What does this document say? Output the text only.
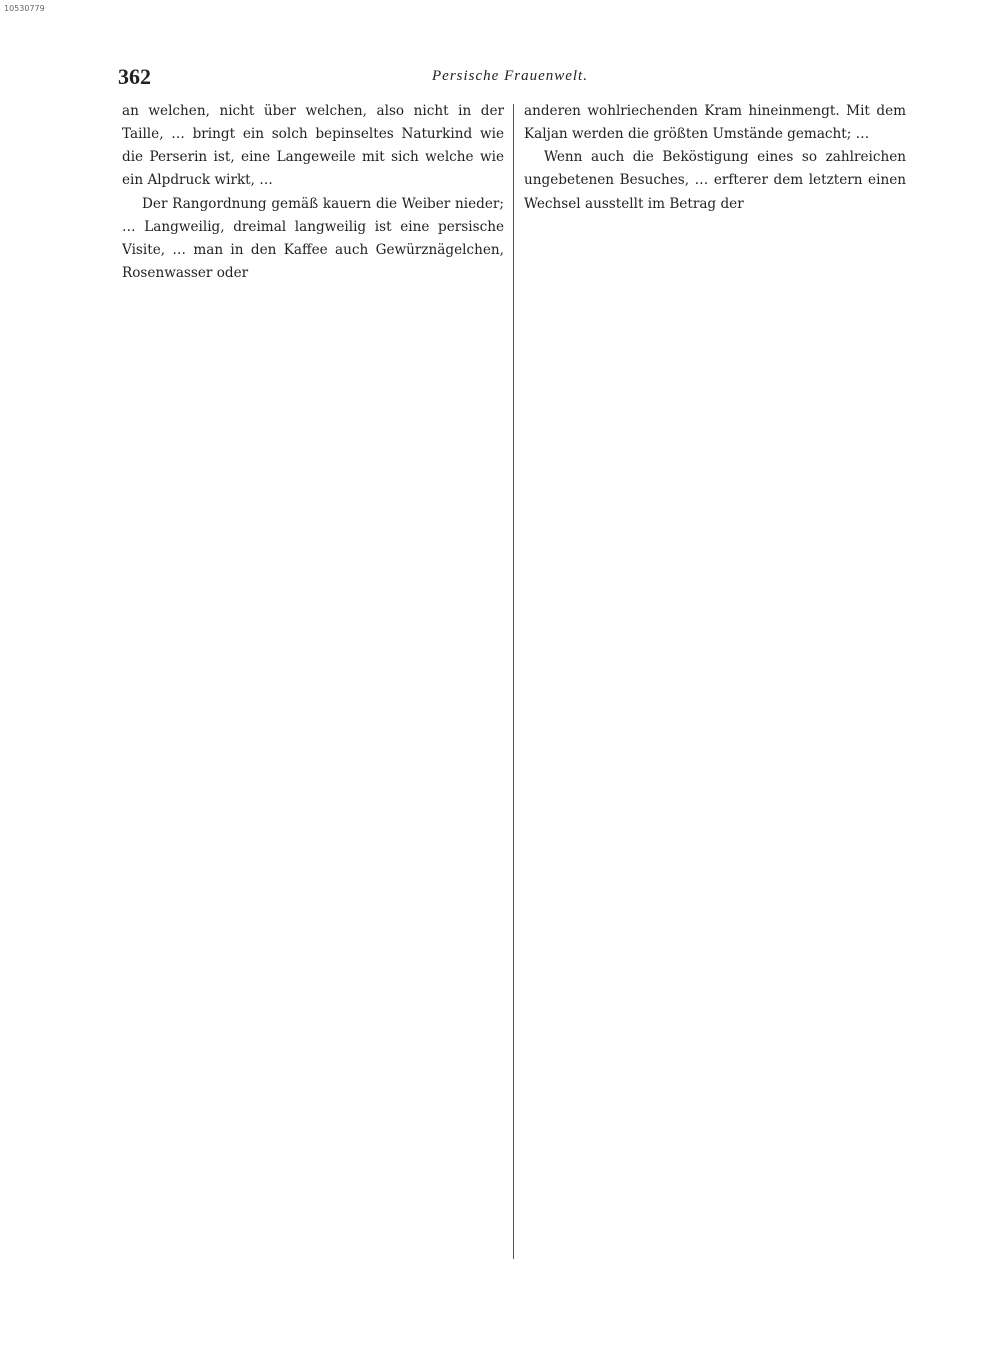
10530779
362	Persische Frauenwelt.

an welchen, nicht über welchen, also nicht in der Taille, … bringt ein solch bepinseltes Naturkind wie die Perserin ist, eine Langeweile mit sich welche wie ein Alpdruck wirkt, …

Der Rangordnung gemäß kauern die Weiber nieder; … Langweilig, dreimal langweilig ist eine persische Visite, … man in den Kaffee auch Gewürznägelchen, Rosenwasser oder

anderen wohlriechenden Kram hineinmengt. Mit dem Kaljan werden die größten Umstände gemacht; …

Wenn auch die Beköstigung eines so zahlreichen ungebetenen Besuches, … erfterer dem letztern einen Wechsel ausstellt im Betrag der
